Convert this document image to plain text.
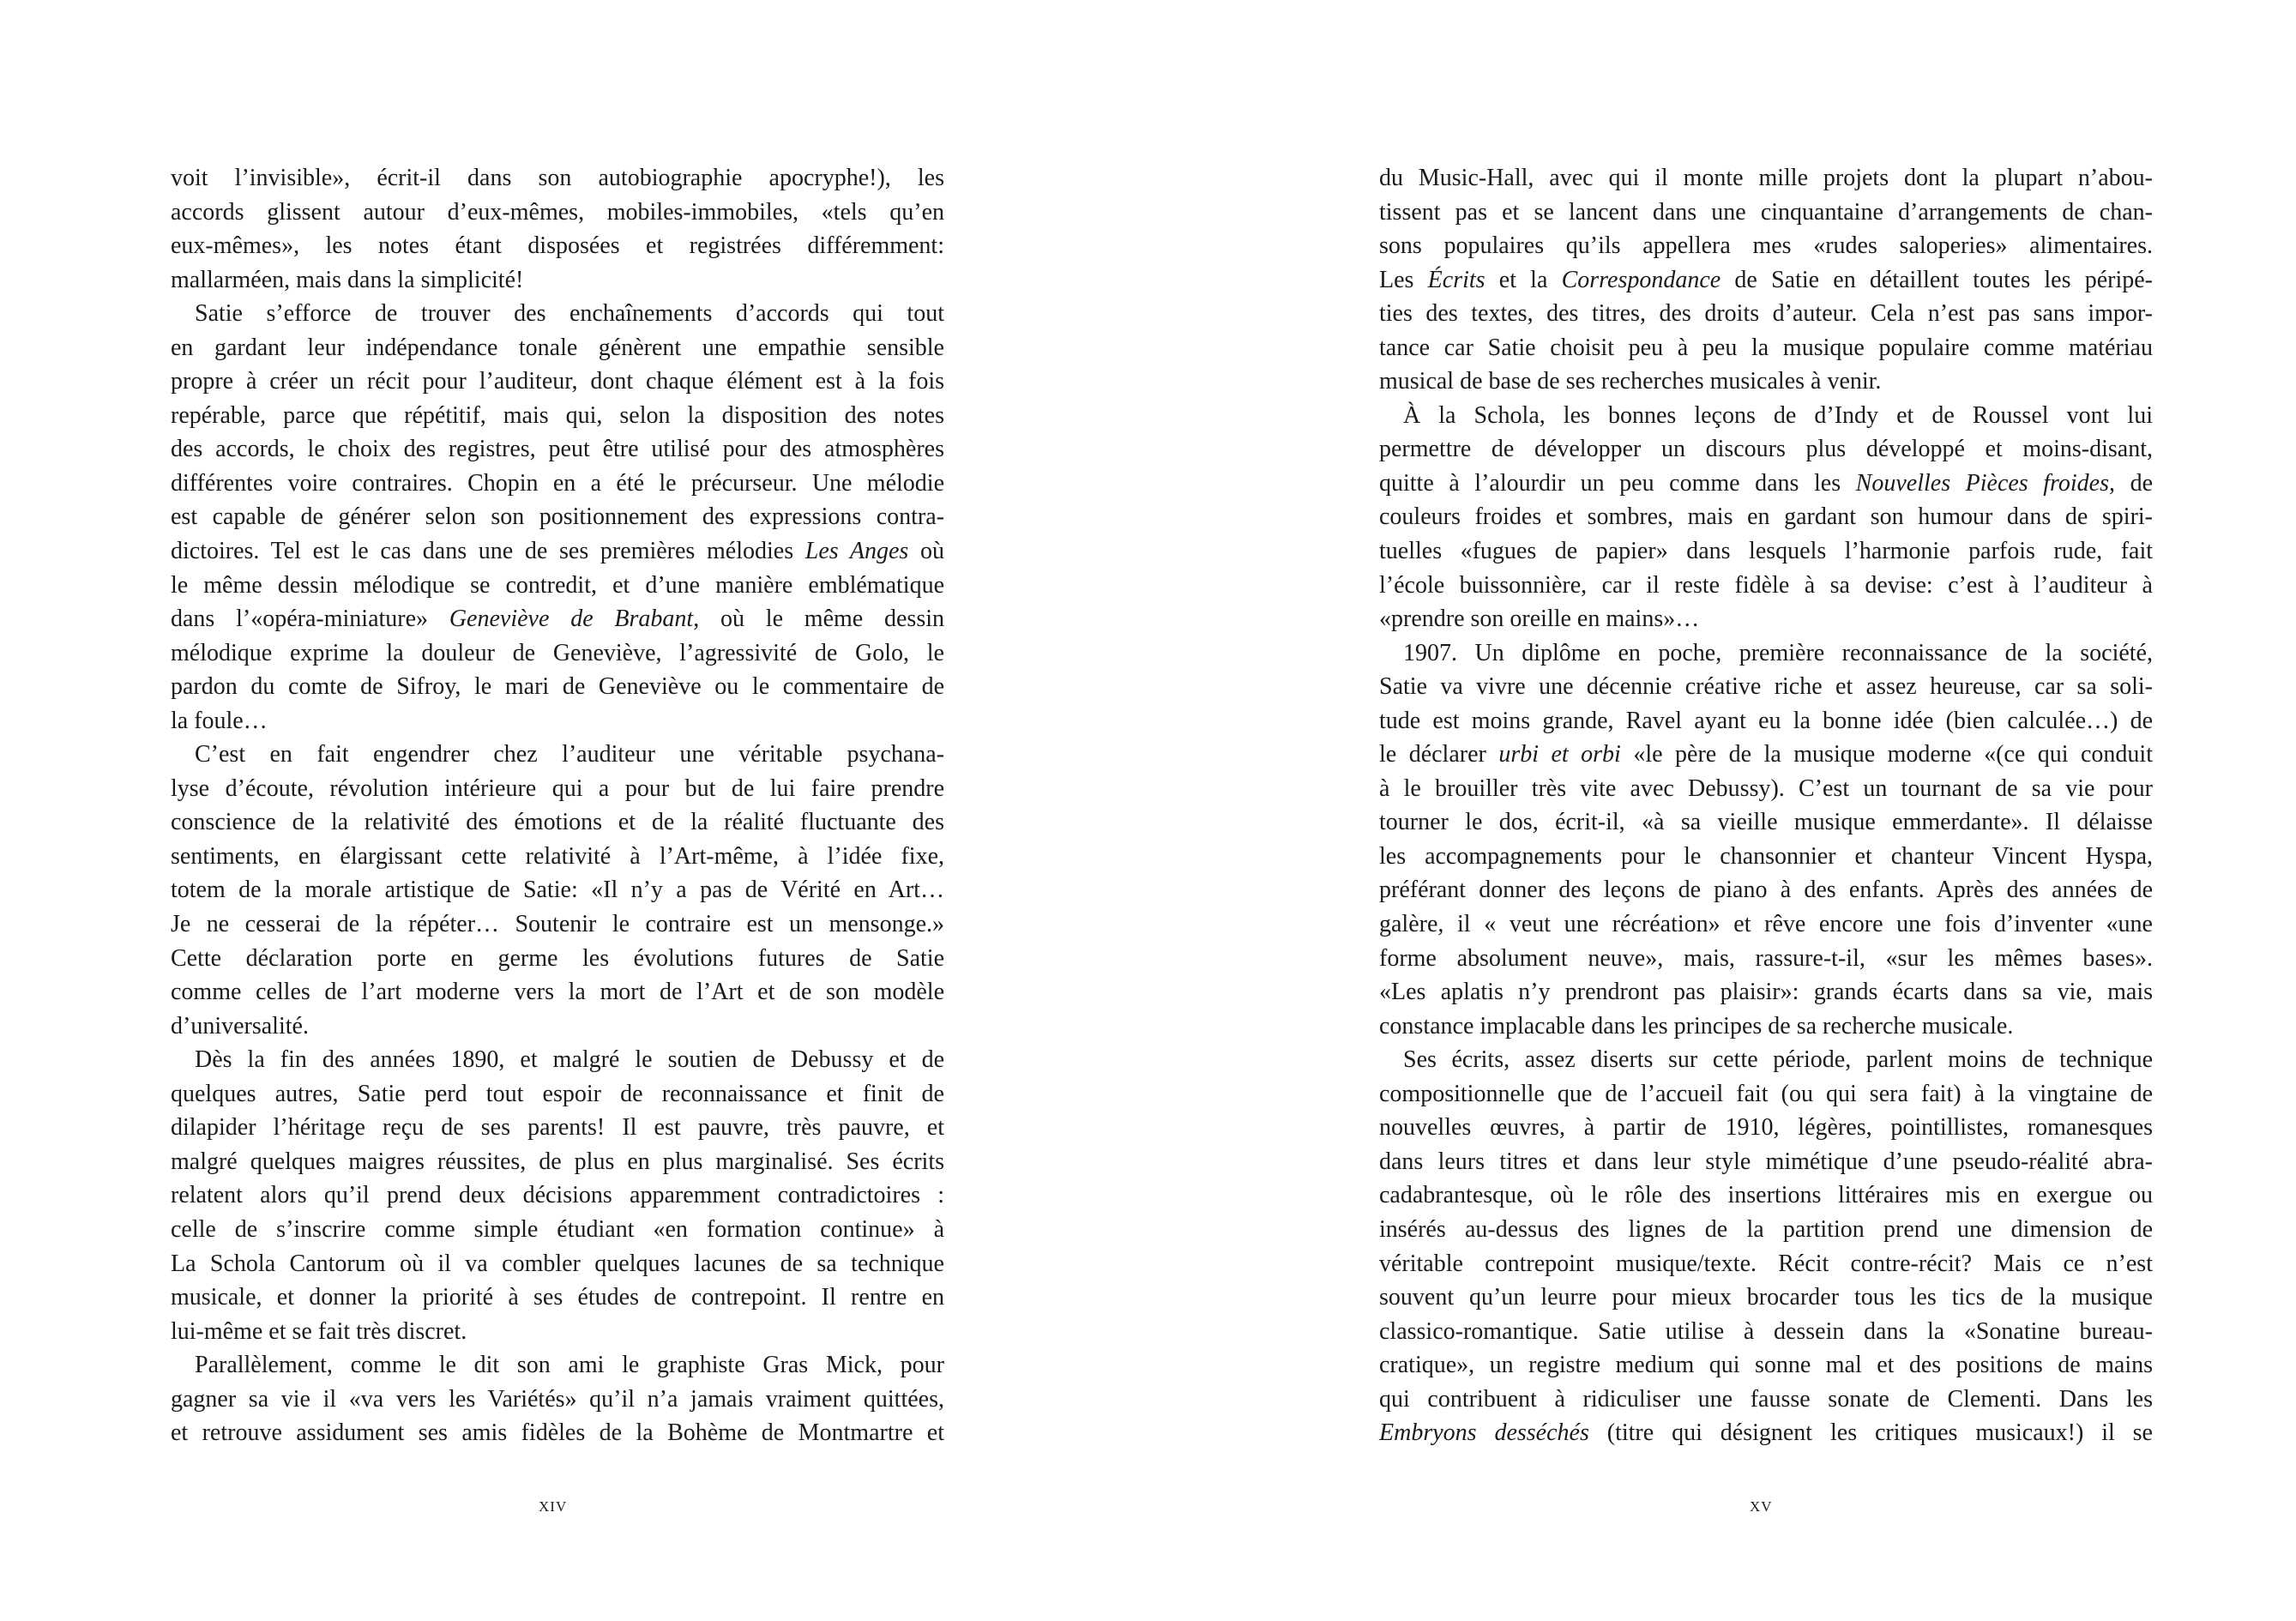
voit l’invisible», écrit-il dans son autobiographie apocryphe!), les
accords glissent autour d’eux-mêmes, mobiles-immobiles, «tels qu’en
eux-mêmes», les notes étant disposées et registrées différemment:
mallarméen, mais dans la simplicité!
Satie s’efforce de trouver des enchaînements d’accords qui tout
en gardant leur indépendance tonale génèrent une empathie sensible
propre à créer un récit pour l’auditeur, dont chaque élément est à la fois
repérable, parce que répétitif, mais qui, selon la disposition des notes
des accords, le choix des registres, peut être utilisé pour des atmosphères
différentes voire contraires. Chopin en a été le précurseur. Une mélodie
est capable de générer selon son positionnement des expressions contra-
dictoires. Tel est le cas dans une de ses premières mélodies Les Anges où
le même dessin mélodique se contredit, et d’une manière emblématique
dans l’«opéra-miniature» Geneviève de Brabant, où le même dessin
mélodique exprime la douleur de Geneviève, l’agressivité de Golo, le
pardon du comte de Sifroy, le mari de Geneviève ou le commentaire de
la foule…
C’est en fait engendrer chez l’auditeur une véritable psychana-
lyse d’écoute, révolution intérieure qui a pour but de lui faire prendre
conscience de la relativité des émotions et de la réalité fluctuante des
sentiments, en élargissant cette relativité à l’Art-même, à l’idée fixe,
totem de la morale artistique de Satie: «Il n’y a pas de Vérité en Art…
Je ne cesserai de la répéter… Soutenir le contraire est un mensonge.»
Cette déclaration porte en germe les évolutions futures de Satie
comme celles de l’art moderne vers la mort de l’Art et de son modèle
d’universalité.
Dès la fin des années 1890, et malgré le soutien de Debussy et de
quelques autres, Satie perd tout espoir de reconnaissance et finit de
dilapider l’héritage reçu de ses parents! Il est pauvre, très pauvre, et
malgré quelques maigres réussites, de plus en plus marginalisé. Ses écrits
relatent alors qu’il prend deux décisions apparemment contradictoires :
celle de s’inscrire comme simple étudiant «en formation continue» à
La Schola Cantorum où il va combler quelques lacunes de sa technique
musicale, et donner la priorité à ses études de contrepoint. Il rentre en
lui-même et se fait très discret.
Parallèlement, comme le dit son ami le graphiste Gras Mick, pour
gagner sa vie il «va vers les Variétés» qu’il n’a jamais vraiment quittées,
et retrouve assidument ses amis fidèles de la Bohème de Montmartre et
du Music-Hall, avec qui il monte mille projets dont la plupart n’abou-
tissent pas et se lancent dans une cinquantaine d’arrangements de chan-
sons populaires qu’ils appellera mes «rudes saloperies» alimentaires.
Les Écrits et la Correspondance de Satie en détaillent toutes les péripé-
ties des textes, des titres, des droits d’auteur. Cela n’est pas sans impor-
tance car Satie choisit peu à peu la musique populaire comme matériau
musical de base de ses recherches musicales à venir.
À la Schola, les bonnes leçons de d’Indy et de Roussel vont lui
permettre de développer un discours plus développé et moins-disant,
quitte à l’alourdir un peu comme dans les Nouvelles Pièces froides, de
couleurs froides et sombres, mais en gardant son humour dans de spiri-
tuelles «fugues de papier» dans lesquels l’harmonie parfois rude, fait
l’école buissonnière, car il reste fidèle à sa devise: c’est à l’auditeur à
«prendre son oreille en mains»…
1907. Un diplôme en poche, première reconnaissance de la société,
Satie va vivre une décennie créative riche et assez heureuse, car sa soli-
tude est moins grande, Ravel ayant eu la bonne idée (bien calculée…) de
le déclarer urbi et orbi «le père de la musique moderne «(ce qui conduit
à le brouiller très vite avec Debussy). C’est un tournant de sa vie pour
tourner le dos, écrit-il, «à sa vieille musique emmerdante». Il délaisse
les accompagnements pour le chansonnier et chanteur Vincent Hyspa,
préférant donner des leçons de piano à des enfants. Après des années de
galère, il « veut une récréation» et rêve encore une fois d’inventer «une
forme absolument neuve», mais, rassure-t-il, «sur les mêmes bases».
«Les aplatis n’y prendront pas plaisir»: grands écarts dans sa vie, mais
constance implacable dans les principes de sa recherche musicale.
Ses écrits, assez diserts sur cette période, parlent moins de technique
compositionnelle que de l’accueil fait (ou qui sera fait) à la vingtaine de
nouvelles œuvres, à partir de 1910, légères, pointillistes, romanesques
dans leurs titres et dans leur style mimétique d’une pseudo-réalité abra-
cadabrantesque, où le rôle des insertions littéraires mis en exergue ou
insérés au-dessus des lignes de la partition prend une dimension de
véritable contrepoint musique/texte. Récit contre-récit? Mais ce n’est
souvent qu’un leurre pour mieux brocarder tous les tics de la musique
classico-romantique. Satie utilise à dessein dans la «Sonatine bureau-
cratique», un registre medium qui sonne mal et des positions de mains
qui contribuent à ridiculiser une fausse sonate de Clementi. Dans les
Embryons desséchés (titre qui désignent les critiques musicaux!) il se
xiv	xv
